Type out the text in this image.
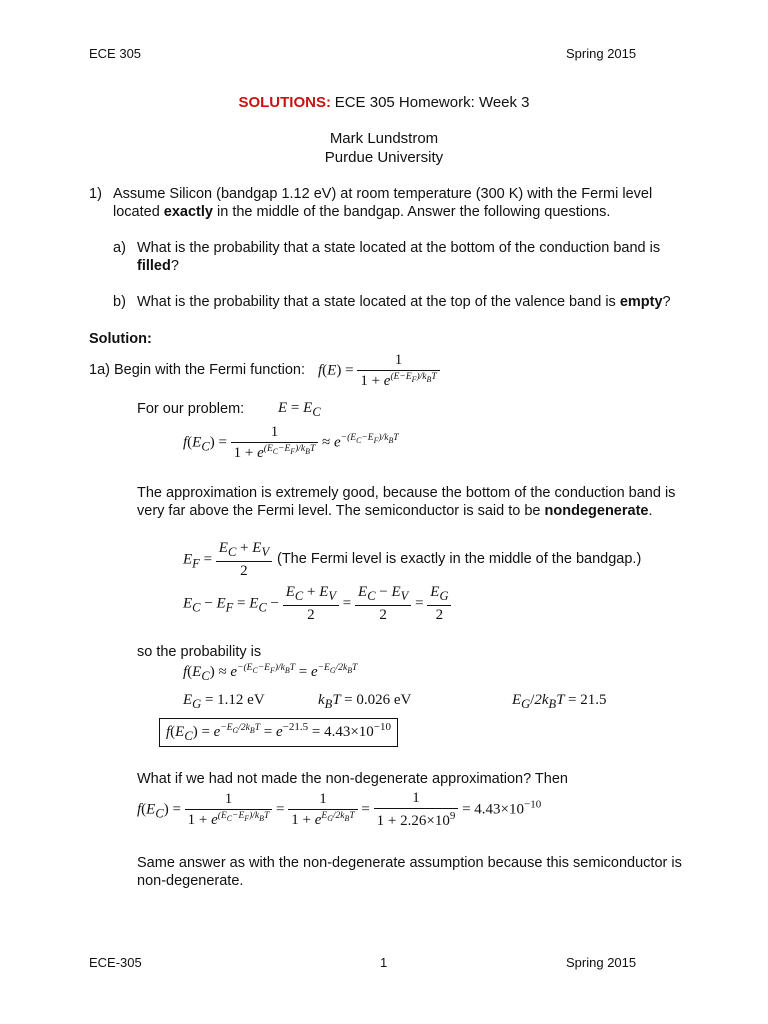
ECE 305	Spring 2015
SOLUTIONS: ECE 305 Homework: Week 3
Mark Lundstrom
Purdue University
1) Assume Silicon (bandgap 1.12 eV) at room temperature (300 K) with the Fermi level
located exactly in the middle of the bandgap. Answer the following questions.
a) What is the probability that a state located at the bottom of the conduction band is
filled?
b) What is the probability that a state located at the top of the valence band is empty?
Solution:
1a) Begin with the Fermi function: $f(E) = \frac{1}{1 + e^{(E-E_F)/k_BT}}$
For our problem: $E = E_C$
$f(E_C) = \frac{1}{1 + e^{(E_C-E_F)/k_BT}} \approx e^{-(E_C-E_F)/k_BT}$
The approximation is extremely good, because the bottom of the conduction band is
very far above the Fermi level. The semiconductor is said to be nondegenerate.
$E_F = \frac{E_C + E_V}{2} (The$ Fermi level is exactly in the middle of the bandgap.)
$E_C - E_F = E_C - \frac{E_C + E_V}{2} = \frac{E_C - E_V}{2} = \frac{E_G}{2}$
so the probability is
$f(E_C) \approx e^{-(E_C-E_F)/k_BT} = e^{-E_G/2k_BT}$
$E_G = 1.12$ eV	$k_BT = 0.026$ eV	$E_G/2k_BT = 21.5$
$f(E_C) = e^{-E_G/2k_BT} = e^{-21.5} = 4.43\times 10^{-10}$
What if we had not made the non-degenerate approximation? Then
$f(E_C) = \frac{1}{1 + e^{(E_C-E_F)/k_BT}} = \frac{1}{1 + e^{E_G/2k_BT}} = \frac{1}{1 + 2.26\times 10^9} = 4.43\times 10^{-10}$
Same answer as with the non-degenerate assumption because this semiconductor is
non-degenerate.
ECE-305	1	Spring 2015
